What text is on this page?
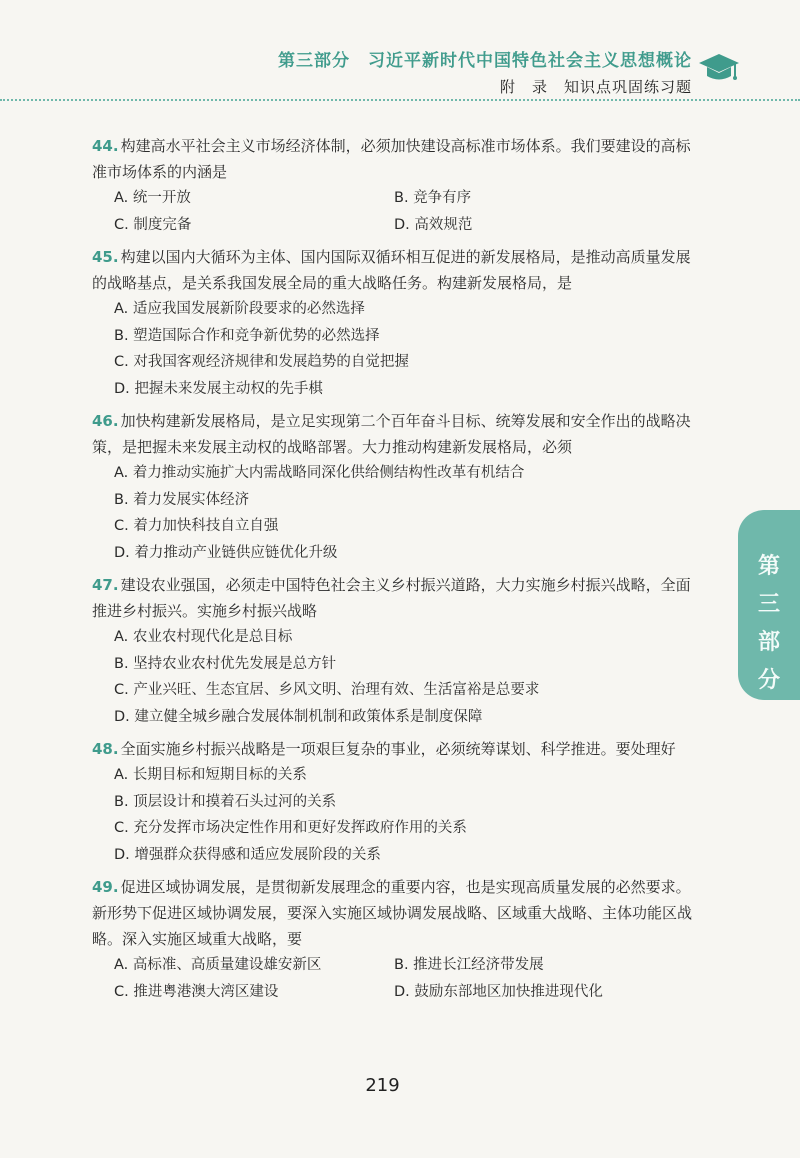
第三部分　习近平新时代中国特色社会主义思想概论
附　录　知识点巩固练习题
第
三
部
分
44. 构建高水平社会主义市场经济体制，必须加快建设高标准市场体系。我们要建设的高标准市场体系的内涵是
A. 统一开放	B. 竞争有序
C. 制度完备	D. 高效规范
45. 构建以国内大循环为主体、国内国际双循环相互促进的新发展格局，是推动高质量发展的战略基点，是关系我国发展全局的重大战略任务。构建新发展格局，是
A. 适应我国发展新阶段要求的必然选择
B. 塑造国际合作和竞争新优势的必然选择
C. 对我国客观经济规律和发展趋势的自觉把握
D. 把握未来发展主动权的先手棋
46. 加快构建新发展格局，是立足实现第二个百年奋斗目标、统筹发展和安全作出的战略决策，是把握未来发展主动权的战略部署。大力推动构建新发展格局，必须
A. 着力推动实施扩大内需战略同深化供给侧结构性改革有机结合
B. 着力发展实体经济
C. 着力加快科技自立自强
D. 着力推动产业链供应链优化升级
47. 建设农业强国，必须走中国特色社会主义乡村振兴道路，大力实施乡村振兴战略，全面推进乡村振兴。实施乡村振兴战略
A. 农业农村现代化是总目标
B. 坚持农业农村优先发展是总方针
C. 产业兴旺、生态宜居、乡风文明、治理有效、生活富裕是总要求
D. 建立健全城乡融合发展体制机制和政策体系是制度保障
48. 全面实施乡村振兴战略是一项艰巨复杂的事业，必须统筹谋划、科学推进。要处理好
A. 长期目标和短期目标的关系
B. 顶层设计和摸着石头过河的关系
C. 充分发挥市场决定性作用和更好发挥政府作用的关系
D. 增强群众获得感和适应发展阶段的关系
49. 促进区域协调发展，是贯彻新发展理念的重要内容，也是实现高质量发展的必然要求。新形势下促进区域协调发展，要深入实施区域协调发展战略、区域重大战略、主体功能区战略。深入实施区域重大战略，要
A. 高标准、高质量建设雄安新区	B. 推进长江经济带发展
C. 推进粤港澳大湾区建设	D. 鼓励东部地区加快推进现代化
219
